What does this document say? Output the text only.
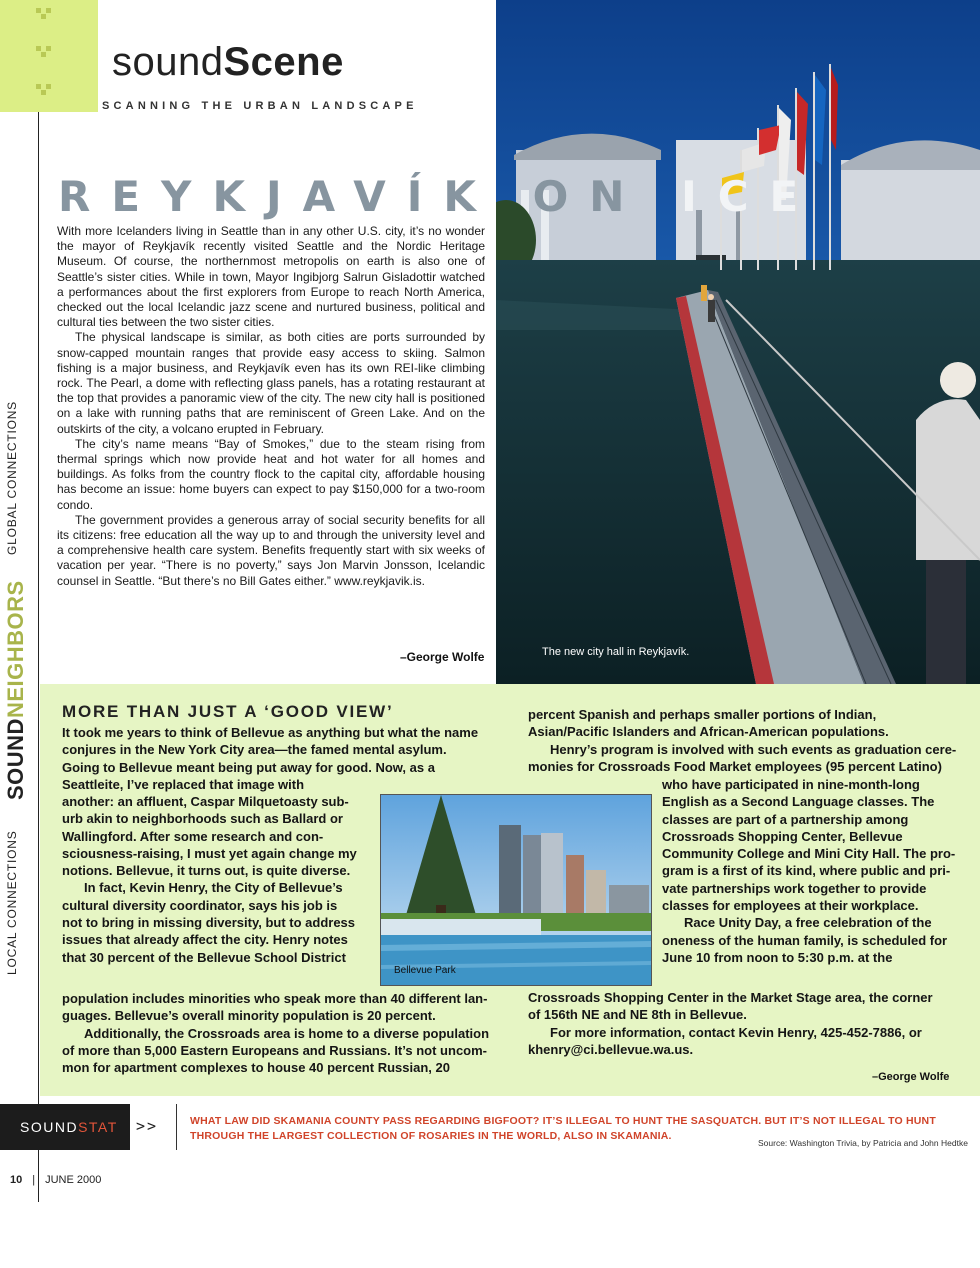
soundScene
SCANNING THE URBAN LANDSCAPE
GLOBAL CONNECTIONS
SOUNDNEIGHBORS
LOCAL CONNECTIONS
The new city hall in Reykjavík.
REYKJAVÍK ON ICE

With more Icelanders living in Seattle than in any other U.S. city, it’s no wonder the mayor of Reykjavík recently visited Seattle and the Nordic Heritage Museum. Of course, the northernmost metropolis on earth is also one of Seattle’s sister cities. While in town, Mayor Ingibjorg Salrun Gisladottir watched a performances about the first explorers from Europe to reach North America, checked out the local Icelandic jazz scene and nurtured business, political and cultural ties between the two sister cities.

The physical landscape is similar, as both cities are ports surrounded by snow-capped mountain ranges that provide easy access to skiing. Salmon fishing is a major business, and Reykjavík even has its own REI-like climbing rock. The Pearl, a dome with reflecting glass panels, has a rotating restaurant at the top that provides a panoramic view of the city. The new city hall is positioned on a lake with running paths that are reminiscent of Green Lake. And on the outskirts of the city, a volcano erupted in February.

The city’s name means “Bay of Smokes,” due to the steam rising from thermal springs which now provide heat and hot water for all homes and buildings. As folks from the country flock to the capital city, affordable housing has become an issue: home buyers can expect to pay $150,000 for a two-room condo.

The government provides a generous array of social security benefits for all its citizens: free education all the way up to and through the university level and a comprehensive health care system. Benefits frequently start with six weeks of vacation per year. “There is no poverty,” says Jon Marvin Jonsson, Icelandic counsel in Seattle. “But there’s no Bill Gates either.” www.reykjavik.is.

–George Wolfe
MORE THAN JUST A ‘GOOD VIEW’
It took me years to think of Bellevue as anything but what the name
conjures in the New York City area—the famed mental asylum.
Going to Bellevue meant being put away for good. Now, as a
Seattleite, I’ve replaced that image with
another: an affluent, Caspar Milquetoasty sub-
urb akin to neighborhoods such as Ballard or
Wallingford. After some research and con-
sciousness-raising, I must yet again change my
notions. Bellevue, it turns out, is quite diverse.
In fact, Kevin Henry, the City of Bellevue’s
cultural diversity coordinator, says his job is
not to bring in missing diversity, but to address
issues that already affect the city. Henry notes
that 30 percent of the Bellevue School District
population includes minorities who speak more than 40 different lan-
guages. Bellevue’s overall minority population is 20 percent.
Additionally, the Crossroads area is home to a diverse population
of more than 5,000 Eastern Europeans and Russians. It’s not uncom-
mon for apartment complexes to house 40 percent Russian, 20
percent Spanish and perhaps smaller portions of Indian,
Asian/Pacific Islanders and African-American populations.
Henry’s program is involved with such events as graduation cere-
monies for Crossroads Food Market employees (95 percent Latino)
who have participated in nine-month-long
English as a Second Language classes. The
classes are part of a partnership among
Crossroads Shopping Center, Bellevue
Community College and Mini City Hall. The pro-
gram is a first of its kind, where public and pri-
vate partnerships work together to provide
classes for employees at their workplace.
Race Unity Day, a free celebration of the
oneness of the human family, is scheduled for
June 10 from noon to 5:30 p.m. at the
Crossroads Shopping Center in the Market Stage area, the corner
of 156th NE and NE 8th in Bellevue.
For more information, contact Kevin Henry, 425-452-7886, or
khenry@ci.bellevue.wa.us.
Bellevue Park
–George Wolfe
SOUNDSTAT	>>	WHAT LAW DID SKAMANIA COUNTY PASS REGARDING BIGFOOT? IT’S ILLEGAL TO HUNT THE SASQUATCH. BUT IT’S NOT ILLEGAL TO HUNT THROUGH THE LARGEST COLLECTION OF ROSARIES IN THE WORLD, ALSO IN SKAMANIA.
Source: Washington Trivia, by Patricia and John Hedtke
10 | JUNE 2000
